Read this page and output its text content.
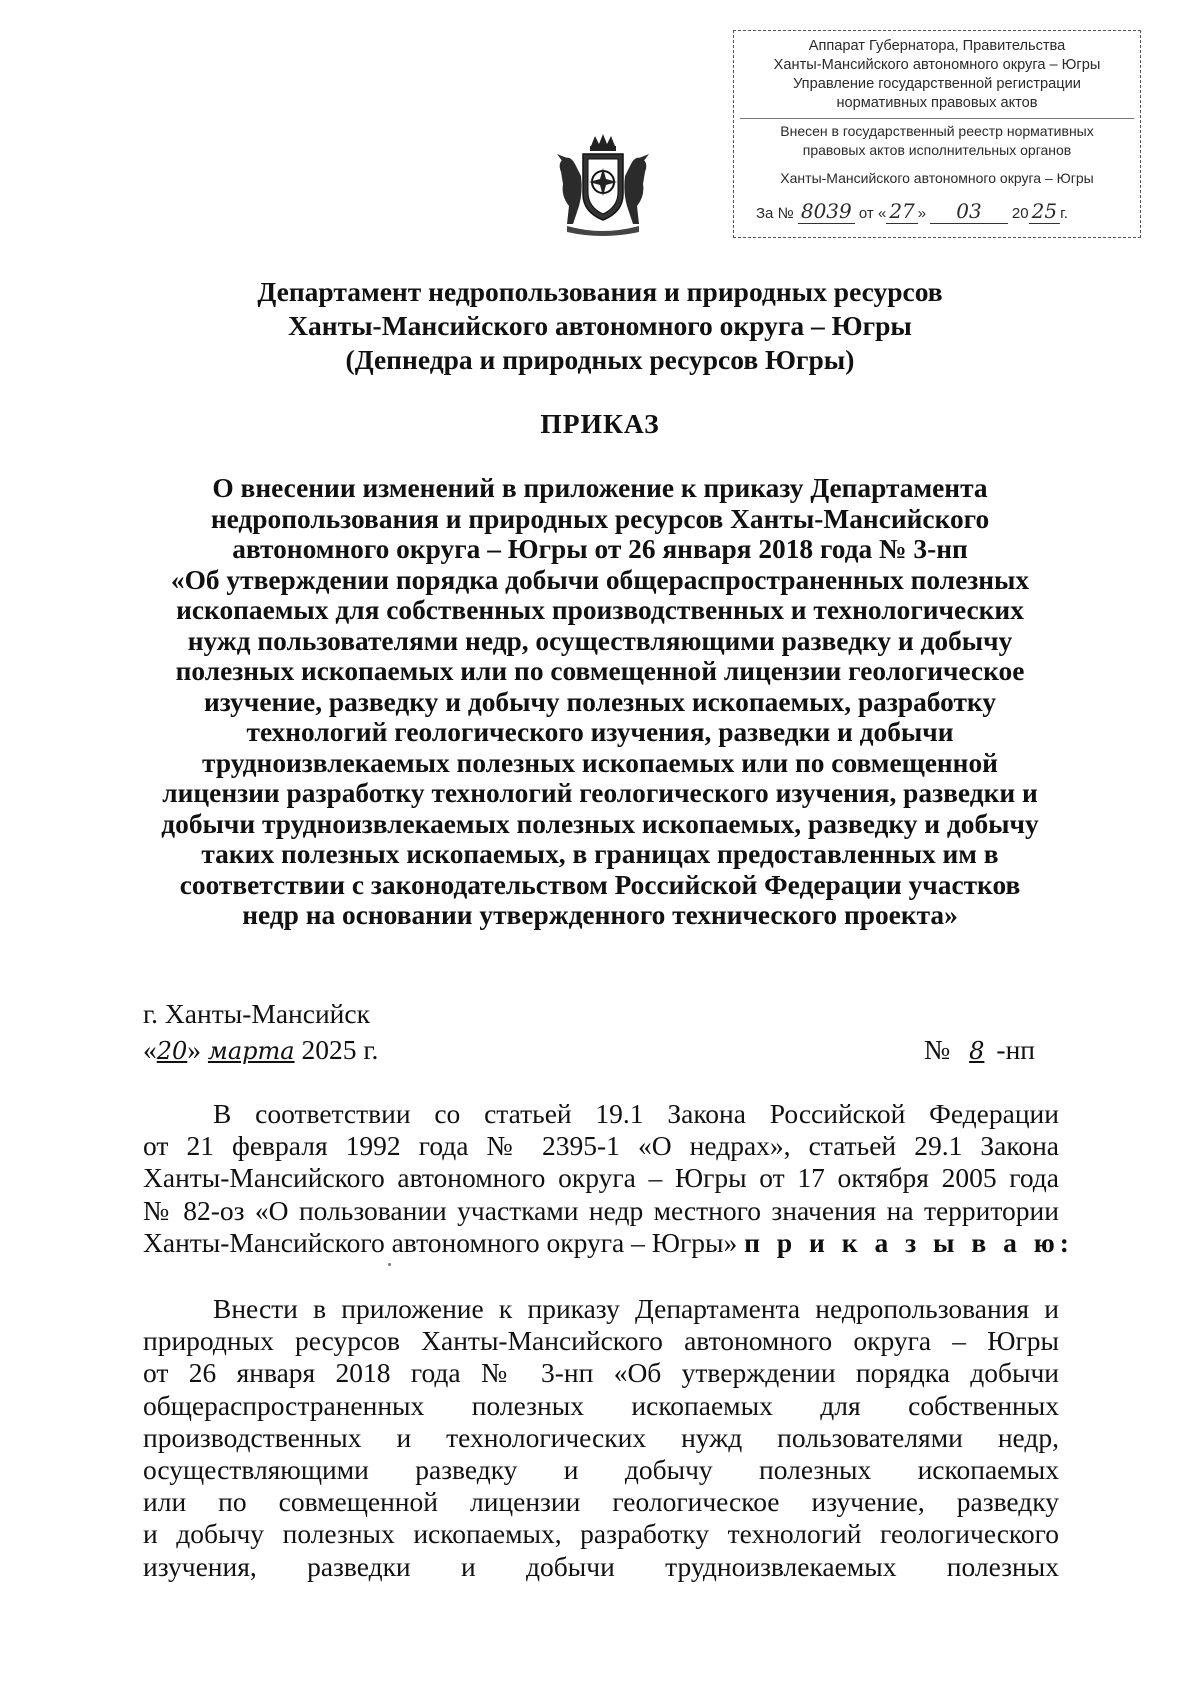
Аппарат Губернатора, Правительства
Ханты-Мансийского автономного округа – Югры
Управление государственной регистрации
нормативных правовых актов
Внесен в государственный реестр нормативных
правовых актов исполнительных органов
Ханты-Мансийского автономного округа – Югры
За № 8039 от « 27 » 03 20 25 г.
Департамент недропользования и природных ресурсов
Ханты-Мансийского автономного округа – Югры
(Депнедра и природных ресурсов Югры)
ПРИКАЗ
О внесении изменений в приложение к приказу Департамента
недропользования и природных ресурсов Ханты-Мансийского
автономного округа – Югры от 26 января 2018 года № 3-нп
«Об утверждении порядка добычи общераспространенных полезных
ископаемых для собственных производственных и технологических
нужд пользователями недр, осуществляющими разведку и добычу
полезных ископаемых или по совмещенной лицензии геологическое
изучение, разведку и добычу полезных ископаемых, разработку
технологий геологического изучения, разведки и добычи
трудноизвлекаемых полезных ископаемых или по совмещенной
лицензии разработку технологий геологического изучения, разведки и
добычи трудноизвлекаемых полезных ископаемых, разведку и добычу
таких полезных ископаемых, в границах предоставленных им в
соответствии с законодательством Российской Федерации участков
недр на основании утвержденного технического проекта»
г. Ханты-Мансийск
«20» марта 2025 г.	№ 8 -нп
В соответствии со статьей 19.1 Закона Российской Федерации
от 21 февраля 1992 года № 2395-1 «О недрах», статьей 29.1 Закона
Ханты-Мансийского автономного округа – Югры от 17 октября 2005 года
№ 82-оз «О пользовании участками недр местного значения на территории
Ханты-Мансийского автономного округа – Югры» п р и к а з ы в а ю:
Внести в приложение к приказу Департамента недропользования и
природных ресурсов Ханты-Мансийского автономного округа – Югры
от 26 января 2018 года № 3-нп «Об утверждении порядка добычи
общераспространенных полезных ископаемых для собственных
производственных и технологических нужд пользователями недр,
осуществляющими разведку и добычу полезных ископаемых
или по совмещенной лицензии геологическое изучение, разведку
и добычу полезных ископаемых, разработку технологий геологического
изучения, разведки и добычи трудноизвлекаемых полезных
